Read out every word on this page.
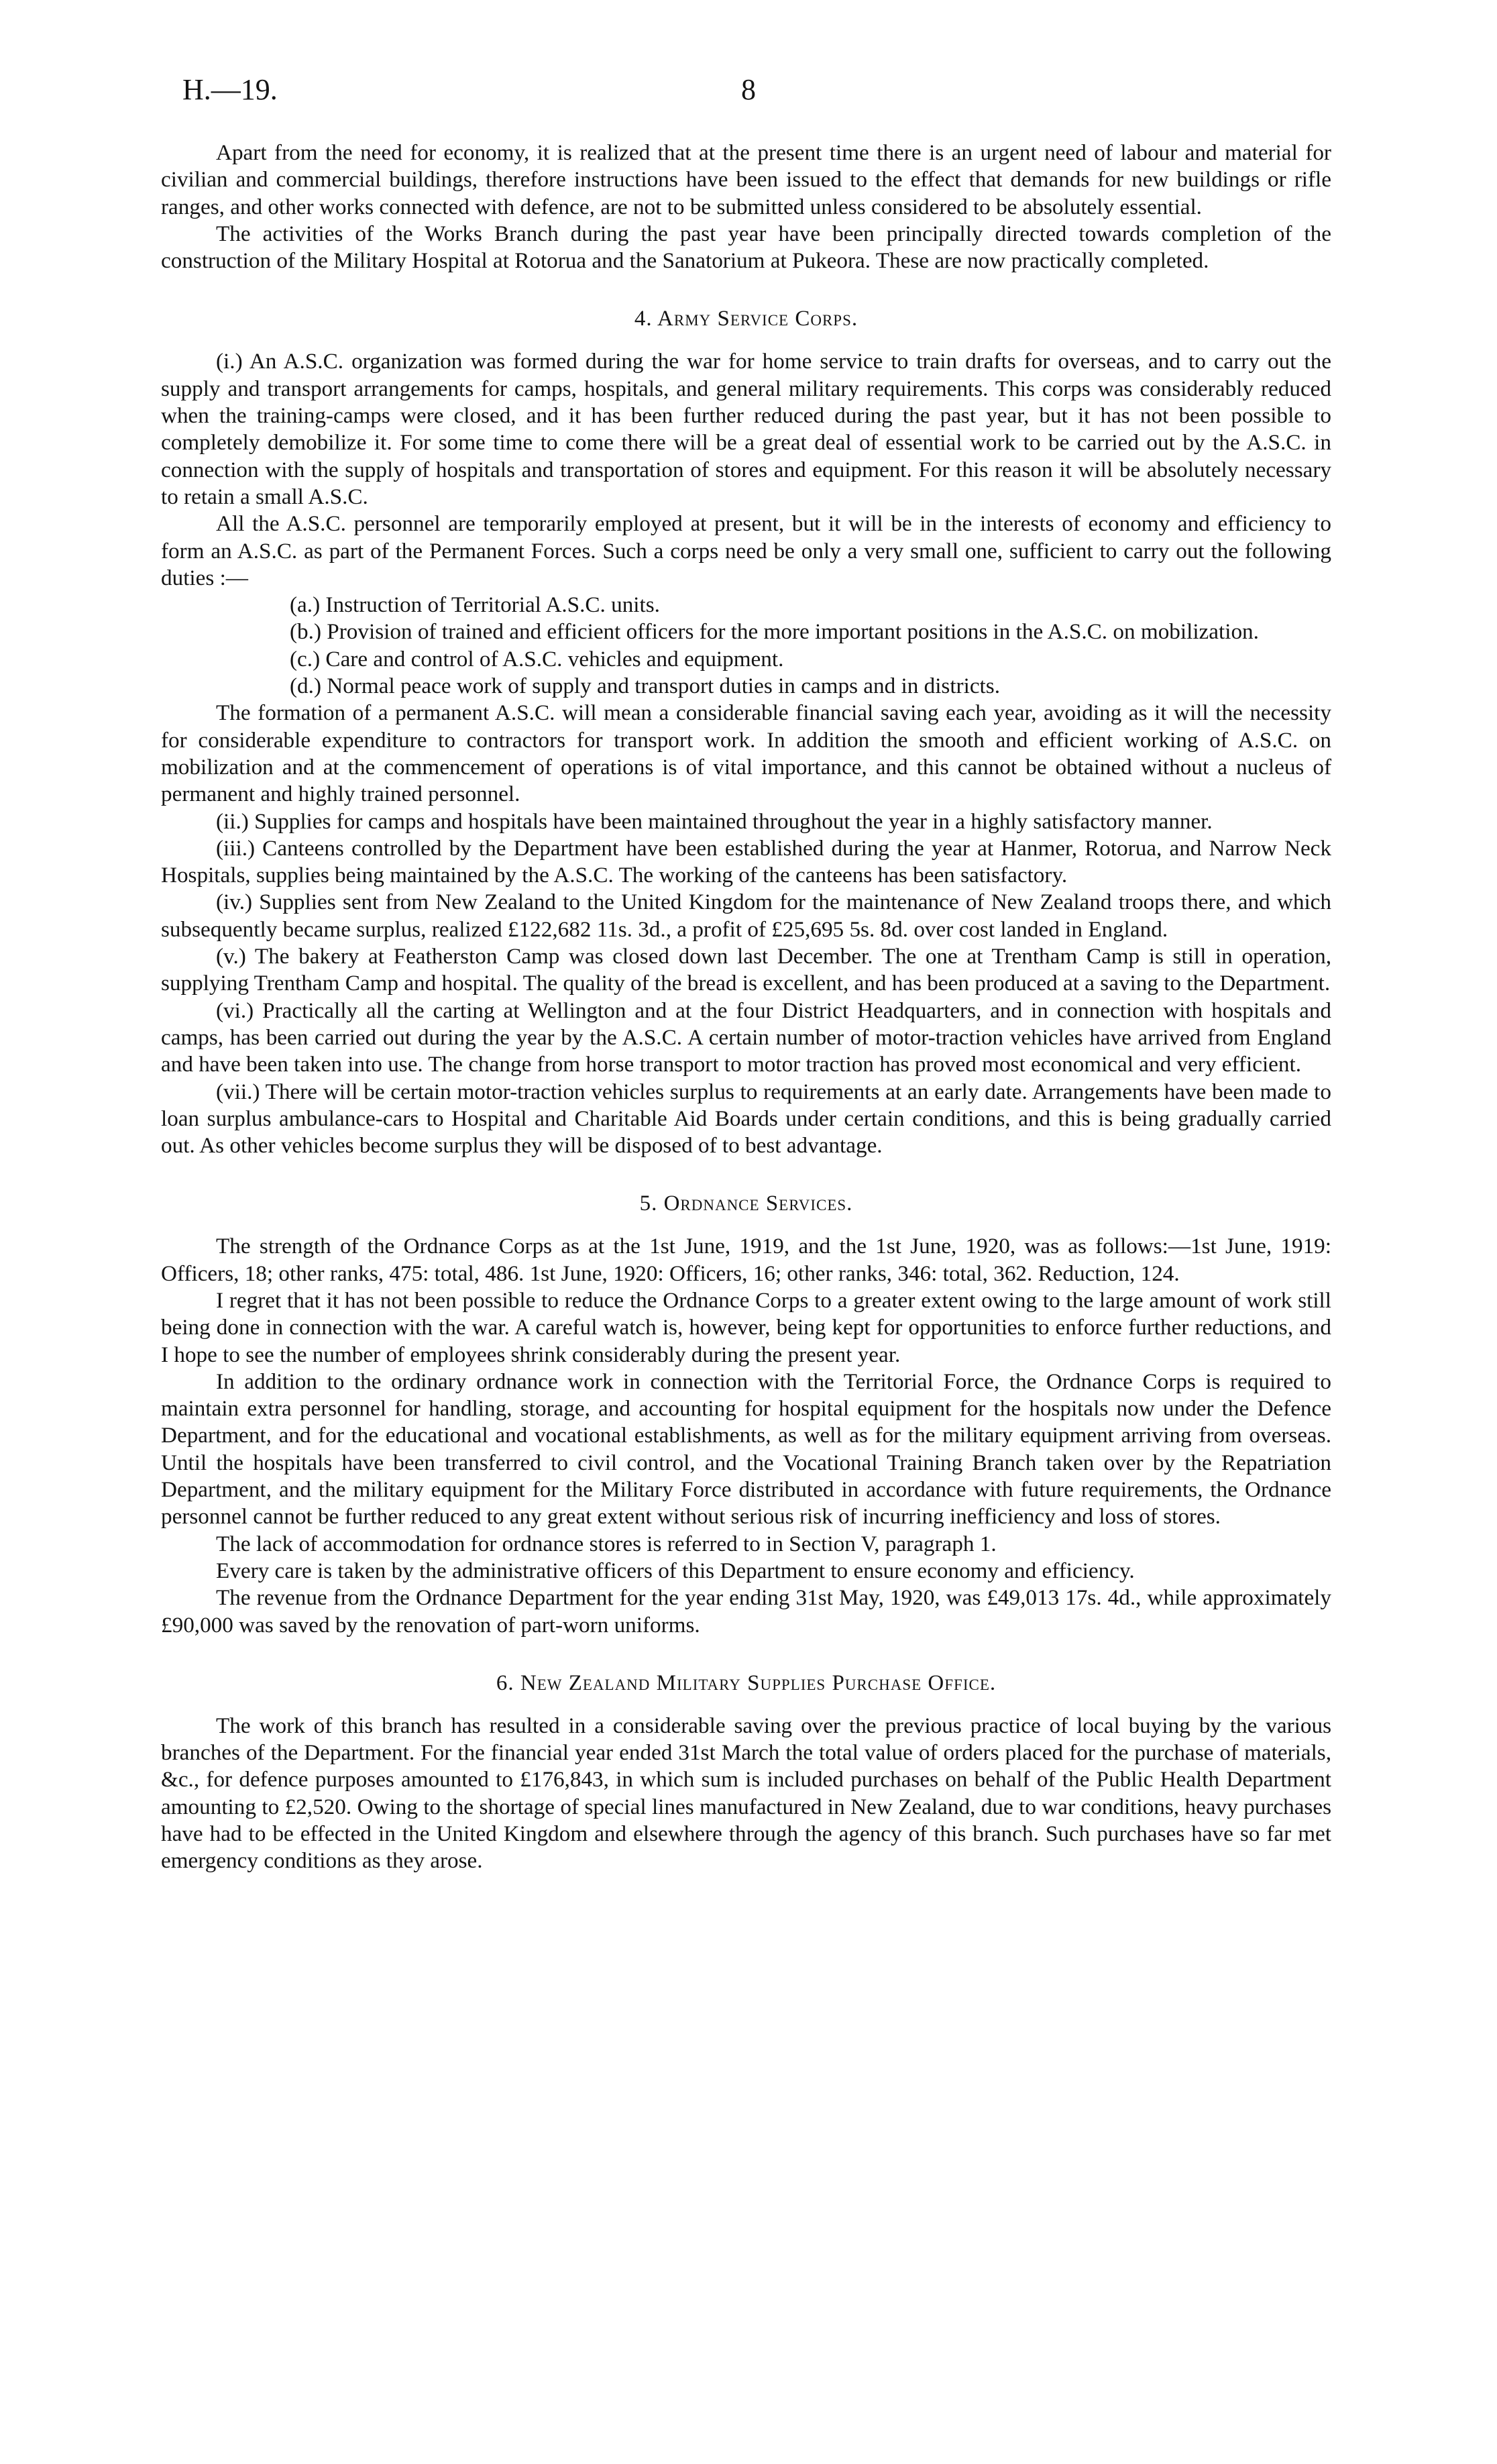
H.—19.	8

Apart from the need for economy, it is realized that at the present time there is an urgent need of labour and material for civilian and commercial buildings, therefore instructions have been issued to the effect that demands for new buildings or rifle ranges, and other works connected with defence, are not to be submitted unless considered to be absolutely essential.

The activities of the Works Branch during the past year have been principally directed towards completion of the construction of the Military Hospital at Rotorua and the Sanatorium at Pukeora. These are now practically completed.

4. Army Service Corps.

(i.) An A.S.C. organization was formed during the war for home service to train drafts for overseas, and to carry out the supply and transport arrangements for camps, hospitals, and general military requirements. This corps was considerably reduced when the training-camps were closed, and it has been further reduced during the past year, but it has not been possible to completely demobilize it. For some time to come there will be a great deal of essential work to be carried out by the A.S.C. in connection with the supply of hospitals and transportation of stores and equipment. For this reason it will be absolutely necessary to retain a small A.S.C.

All the A.S.C. personnel are temporarily employed at present, but it will be in the interests of economy and efficiency to form an A.S.C. as part of the Permanent Forces. Such a corps need be only a very small one, sufficient to carry out the following duties :—

(a.) Instruction of Territorial A.S.C. units.

(b.) Provision of trained and efficient officers for the more important positions in the A.S.C. on mobilization.

(c.) Care and control of A.S.C. vehicles and equipment.

(d.) Normal peace work of supply and transport duties in camps and in districts.

The formation of a permanent A.S.C. will mean a considerable financial saving each year, avoiding as it will the necessity for considerable expenditure to contractors for transport work. In addition the smooth and efficient working of A.S.C. on mobilization and at the commencement of operations is of vital importance, and this cannot be obtained without a nucleus of permanent and highly trained personnel.

(ii.) Supplies for camps and hospitals have been maintained throughout the year in a highly satisfactory manner.

(iii.) Canteens controlled by the Department have been established during the year at Hanmer, Rotorua, and Narrow Neck Hospitals, supplies being maintained by the A.S.C. The working of the canteens has been satisfactory.

(iv.) Supplies sent from New Zealand to the United Kingdom for the maintenance of New Zealand troops there, and which subsequently became surplus, realized £122,682 11s. 3d., a profit of £25,695 5s. 8d. over cost landed in England.

(v.) The bakery at Featherston Camp was closed down last December. The one at Trentham Camp is still in operation, supplying Trentham Camp and hospital. The quality of the bread is excellent, and has been produced at a saving to the Department.

(vi.) Practically all the carting at Wellington and at the four District Headquarters, and in connection with hospitals and camps, has been carried out during the year by the A.S.C. A certain number of motor-traction vehicles have arrived from England and have been taken into use. The change from horse transport to motor traction has proved most economical and very efficient.

(vii.) There will be certain motor-traction vehicles surplus to requirements at an early date. Arrangements have been made to loan surplus ambulance-cars to Hospital and Charitable Aid Boards under certain conditions, and this is being gradually carried out. As other vehicles become surplus they will be disposed of to best advantage.

5. Ordnance Services.

The strength of the Ordnance Corps as at the 1st June, 1919, and the 1st June, 1920, was as follows:—1st June, 1919: Officers, 18; other ranks, 475: total, 486. 1st June, 1920: Officers, 16; other ranks, 346: total, 362. Reduction, 124.

I regret that it has not been possible to reduce the Ordnance Corps to a greater extent owing to the large amount of work still being done in connection with the war. A careful watch is, however, being kept for opportunities to enforce further reductions, and I hope to see the number of employees shrink considerably during the present year.

In addition to the ordinary ordnance work in connection with the Territorial Force, the Ordnance Corps is required to maintain extra personnel for handling, storage, and accounting for hospital equipment for the hospitals now under the Defence Department, and for the educational and vocational establishments, as well as for the military equipment arriving from overseas. Until the hospitals have been transferred to civil control, and the Vocational Training Branch taken over by the Repatriation Department, and the military equipment for the Military Force distributed in accordance with future requirements, the Ordnance personnel cannot be further reduced to any great extent without serious risk of incurring inefficiency and loss of stores.

The lack of accommodation for ordnance stores is referred to in Section V, paragraph 1.

Every care is taken by the administrative officers of this Department to ensure economy and efficiency.

The revenue from the Ordnance Department for the year ending 31st May, 1920, was £49,013 17s. 4d., while approximately £90,000 was saved by the renovation of part-worn uniforms.

6. New Zealand Military Supplies Purchase Office.

The work of this branch has resulted in a considerable saving over the previous practice of local buying by the various branches of the Department. For the financial year ended 31st March the total value of orders placed for the purchase of materials, &c., for defence purposes amounted to £176,843, in which sum is included purchases on behalf of the Public Health Department amounting to £2,520. Owing to the shortage of special lines manufactured in New Zealand, due to war conditions, heavy purchases have had to be effected in the United Kingdom and elsewhere through the agency of this branch. Such purchases have so far met emergency conditions as they arose.
